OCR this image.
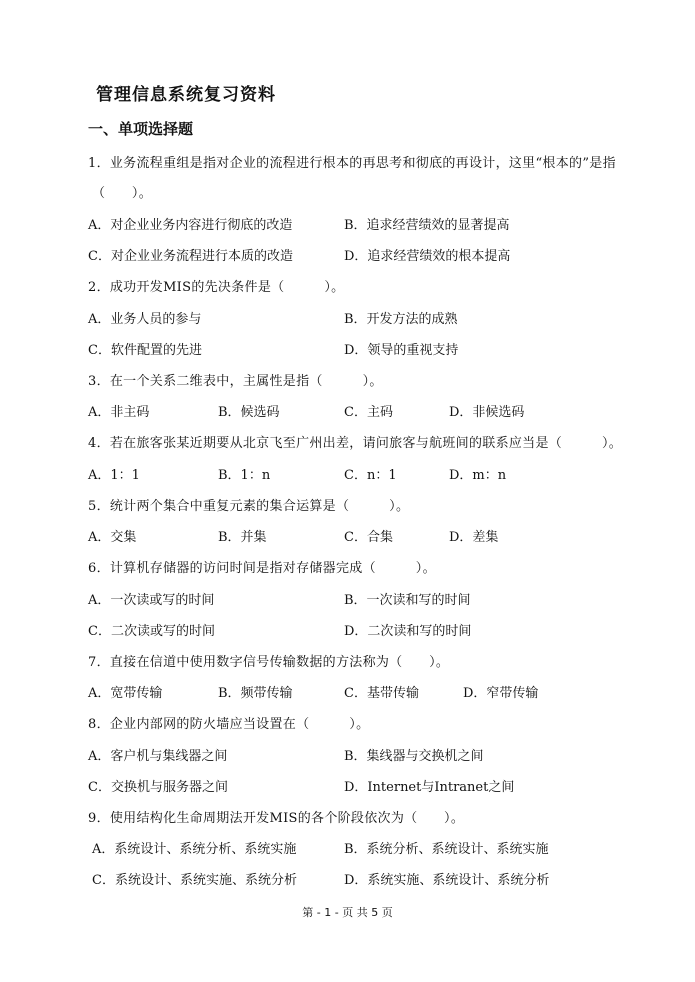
管理信息系统复习资料
一、单项选择题
1．业务流程重组是指对企业的流程进行根本的再思考和彻底的再设计，这里“根本的”是指
（　　）。
A．对企业业务内容进行彻底的改造	B．追求经营绩效的显著提高
C．对企业业务流程进行本质的改造	D．追求经营绩效的根本提高
2．成功开发MIS的先决条件是（　　　）。
A．业务人员的参与	B．开发方法的成熟
C．软件配置的先进	D．领导的重视支持
3．在一个关系二维表中，主属性是指（　　　）。
A．非主码	B．候选码	C．主码	D．非候选码
4．若在旅客张某近期要从北京飞至广州出差，请问旅客与航班间的联系应当是（　　　）。
A．1：1	B．1：n	C．n：1	D．m：n
5．统计两个集合中重复元素的集合运算是（　　　）。
A．交集	B．并集	C．合集	D．差集
6．计算机存储器的访问时间是指对存储器完成（　　　）。
A．一次读或写的时间	B．一次读和写的时间
C．二次读或写的时间	D．二次读和写的时间
7．直接在信道中使用数字信号传输数据的方法称为（　　）。
A．宽带传输	B．频带传输	C．基带传输	D．窄带传输
8．企业内部网的防火墙应当设置在（　　　）。
A．客户机与集线器之间	B．集线器与交换机之间
C．交换机与服务器之间	D．Internet与Intranet之间
9．使用结构化生命周期法开发MIS的各个阶段依次为（　　）。
A．系统设计、系统分析、系统实施	B．系统分析、系统设计、系统实施
C．系统设计、系统实施、系统分析	D．系统实施、系统设计、系统分析
第 - 1 - 页 共 5 页
